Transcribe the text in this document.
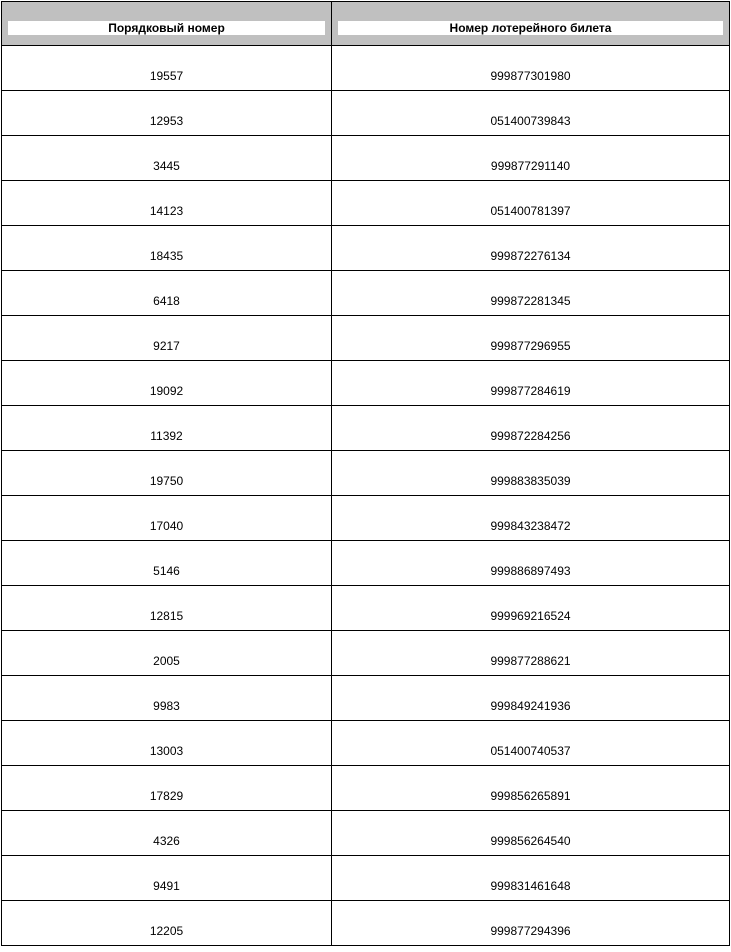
Порядковый номер	Номер лотерейного билета

19557	999877301980
12953	051400739843
3445	999877291140
14123	051400781397
18435	999872276134
6418	999872281345
9217	999877296955
19092	999877284619
11392	999872284256
19750	999883835039
17040	999843238472
5146	999886897493
12815	999969216524
2005	999877288621
9983	999849241936
13003	051400740537
17829	999856265891
4326	999856264540
9491	999831461648
12205	999877294396
